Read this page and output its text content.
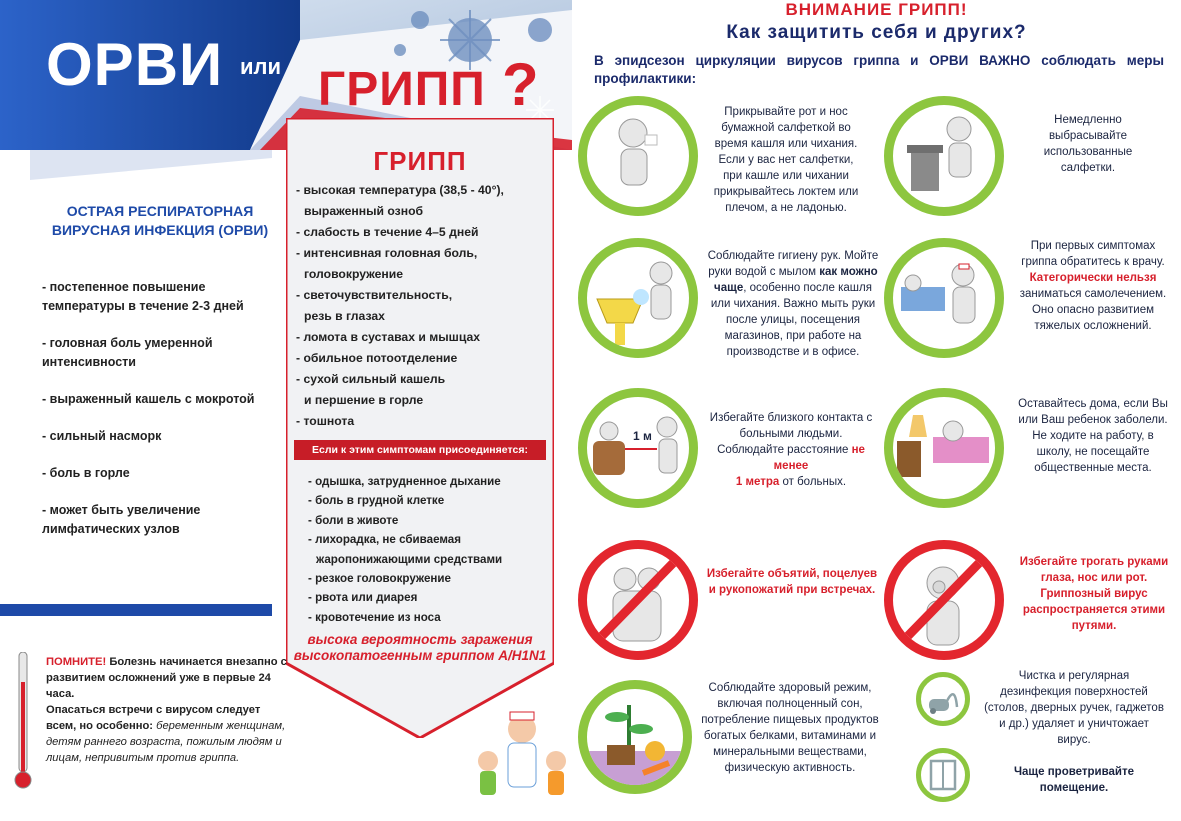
ОРВИ или ГРИПП ?
ОСТРАЯ РЕСПИРАТОРНАЯ ВИРУСНАЯ ИНФЕКЦИЯ (ОРВИ)
- постепенное повышение температуры в течение 2-3 дней
- головная боль умеренной интенсивности
- выраженный кашель с мокротой
- сильный насморк
- боль в горле
- может быть увеличение лимфатических узлов
ГРИПП
- высокая температура (38,5 - 40°),
выраженный озноб
- слабость в течение 4–5 дней
- интенсивная головная боль,
головокружение
- светочувствительность,
резь в глазах
- ломота в суставах и мышцах
- обильное потоотделение
- сухой сильный кашель
и першение в горле
- тошнота
Если к этим симптомам присоединяется:
- одышка, затрудненное дыхание
- боль в грудной клетке
- боли в животе
- лихорадка, не сбиваемая
жаропонижающими средствами
- резкое головокружение
- рвота или диарея
- кровотечение из носа
высока вероятность заражения высокопатогенным гриппом A/H1N1
ПОМНИТЕ! Болезнь начинается внезапно с развитием осложнений уже в первые 24 часа.
Опасаться встречи с вирусом следует всем, но особенно: беременным женщинам, детям раннего возраста, пожилым людям и лицам, непривитым против гриппа.
ВНИМАНИЕ ГРИПП!
Как защитить себя и других?
В эпидсезон циркуляции вирусов гриппа и ОРВИ ВАЖНО соблюдать меры профилактики:
Прикрывайте рот и нос бумажной салфеткой во время кашля или чихания. Если у вас нет салфетки, при кашле или чихании прикрывайтесь локтем или плечом, а не ладонью.
Немедленно выбрасывайте использованные салфетки.
Соблюдайте гигиену рук. Мойте руки водой с мылом как можно чаще, особенно после кашля или чихания. Важно мыть руки после улицы, посещения магазинов, при работе на производстве и в офисе.
При первых симптомах гриппа обратитесь к врачу.
Категорически нельзя
заниматься самолечением. Оно опасно развитием тяжелых осложнений.
1 м
Избегайте близкого контакта с больными людьми. Соблюдайте расстояние не менее
1 метра от больных.
Оставайтесь дома, если Вы или Ваш ребенок заболели. Не ходите на работу, в школу, не посещайте общественные места.
Избегайте объятий, поцелуев и рукопожатий при встречах.
Избегайте трогать руками глаза, нос или рот. Гриппозный вирус распространяется этими путями.
Соблюдайте здоровый режим, включая полноценный сон, потребление пищевых продуктов богатых белками, витаминами и минеральными веществами, физическую активность.
Чистка и регулярная дезинфекция поверхностей (столов, дверных ручек, гаджетов и др.) удаляет и уничтожает вирус.
Чаще проветривайте помещение.
